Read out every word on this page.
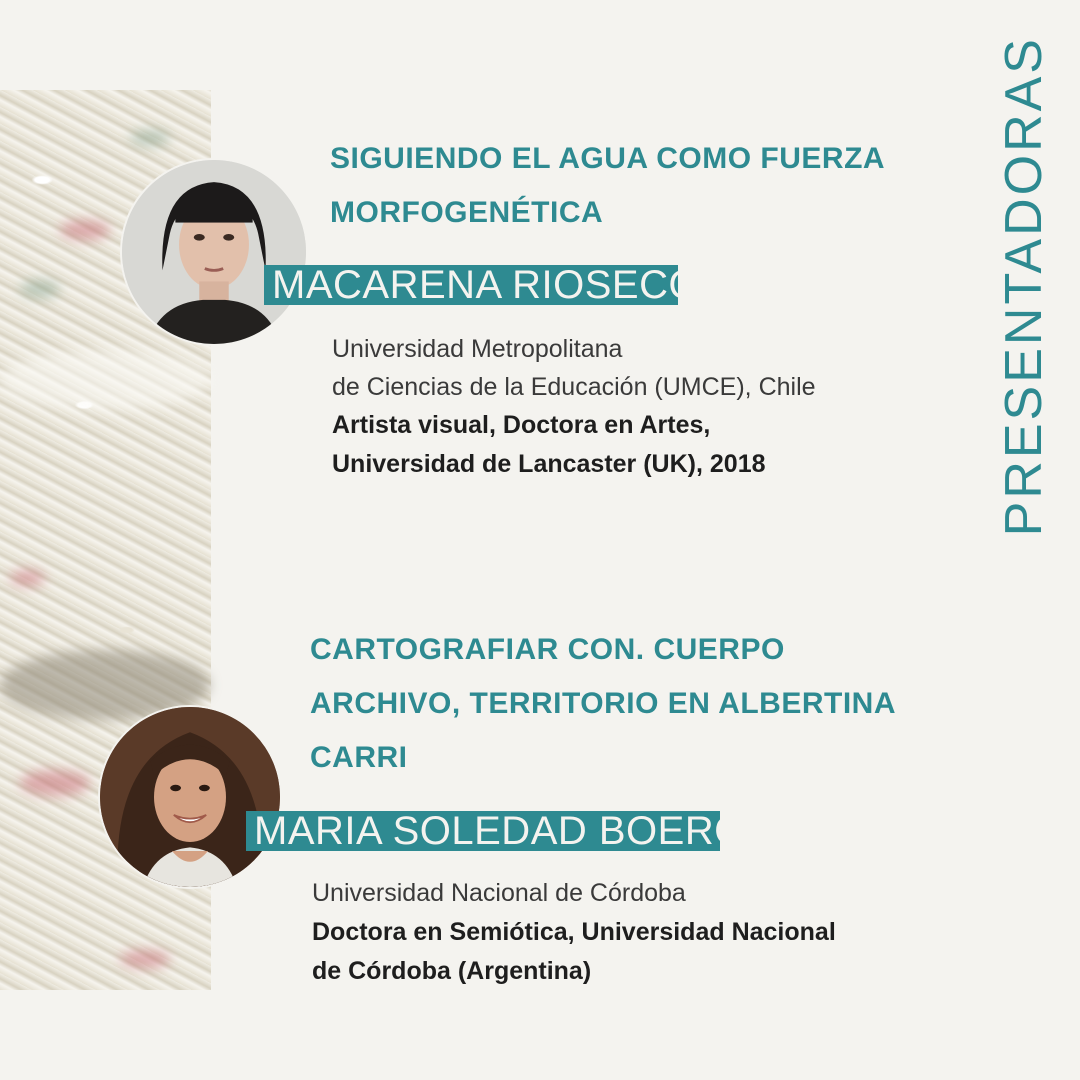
SIGUIENDO EL AGUA COMO FUERZA
MORFOGENÉTICA
MACARENA RIOSECO

Universidad Metropolitana
de Ciencias de la Educación (UMCE), Chile

Artista visual, Doctora en Artes,
Universidad de Lancaster (UK), 2018

CARTOGRAFIAR CON. CUERPO
ARCHIVO, TERRITORIO EN ALBERTINA
CARRI
MARIA SOLEDAD BOERO

Universidad Nacional de Córdoba

Doctora en Semiótica, Universidad Nacional
de Córdoba (Argentina)

PRESENTADORAS
